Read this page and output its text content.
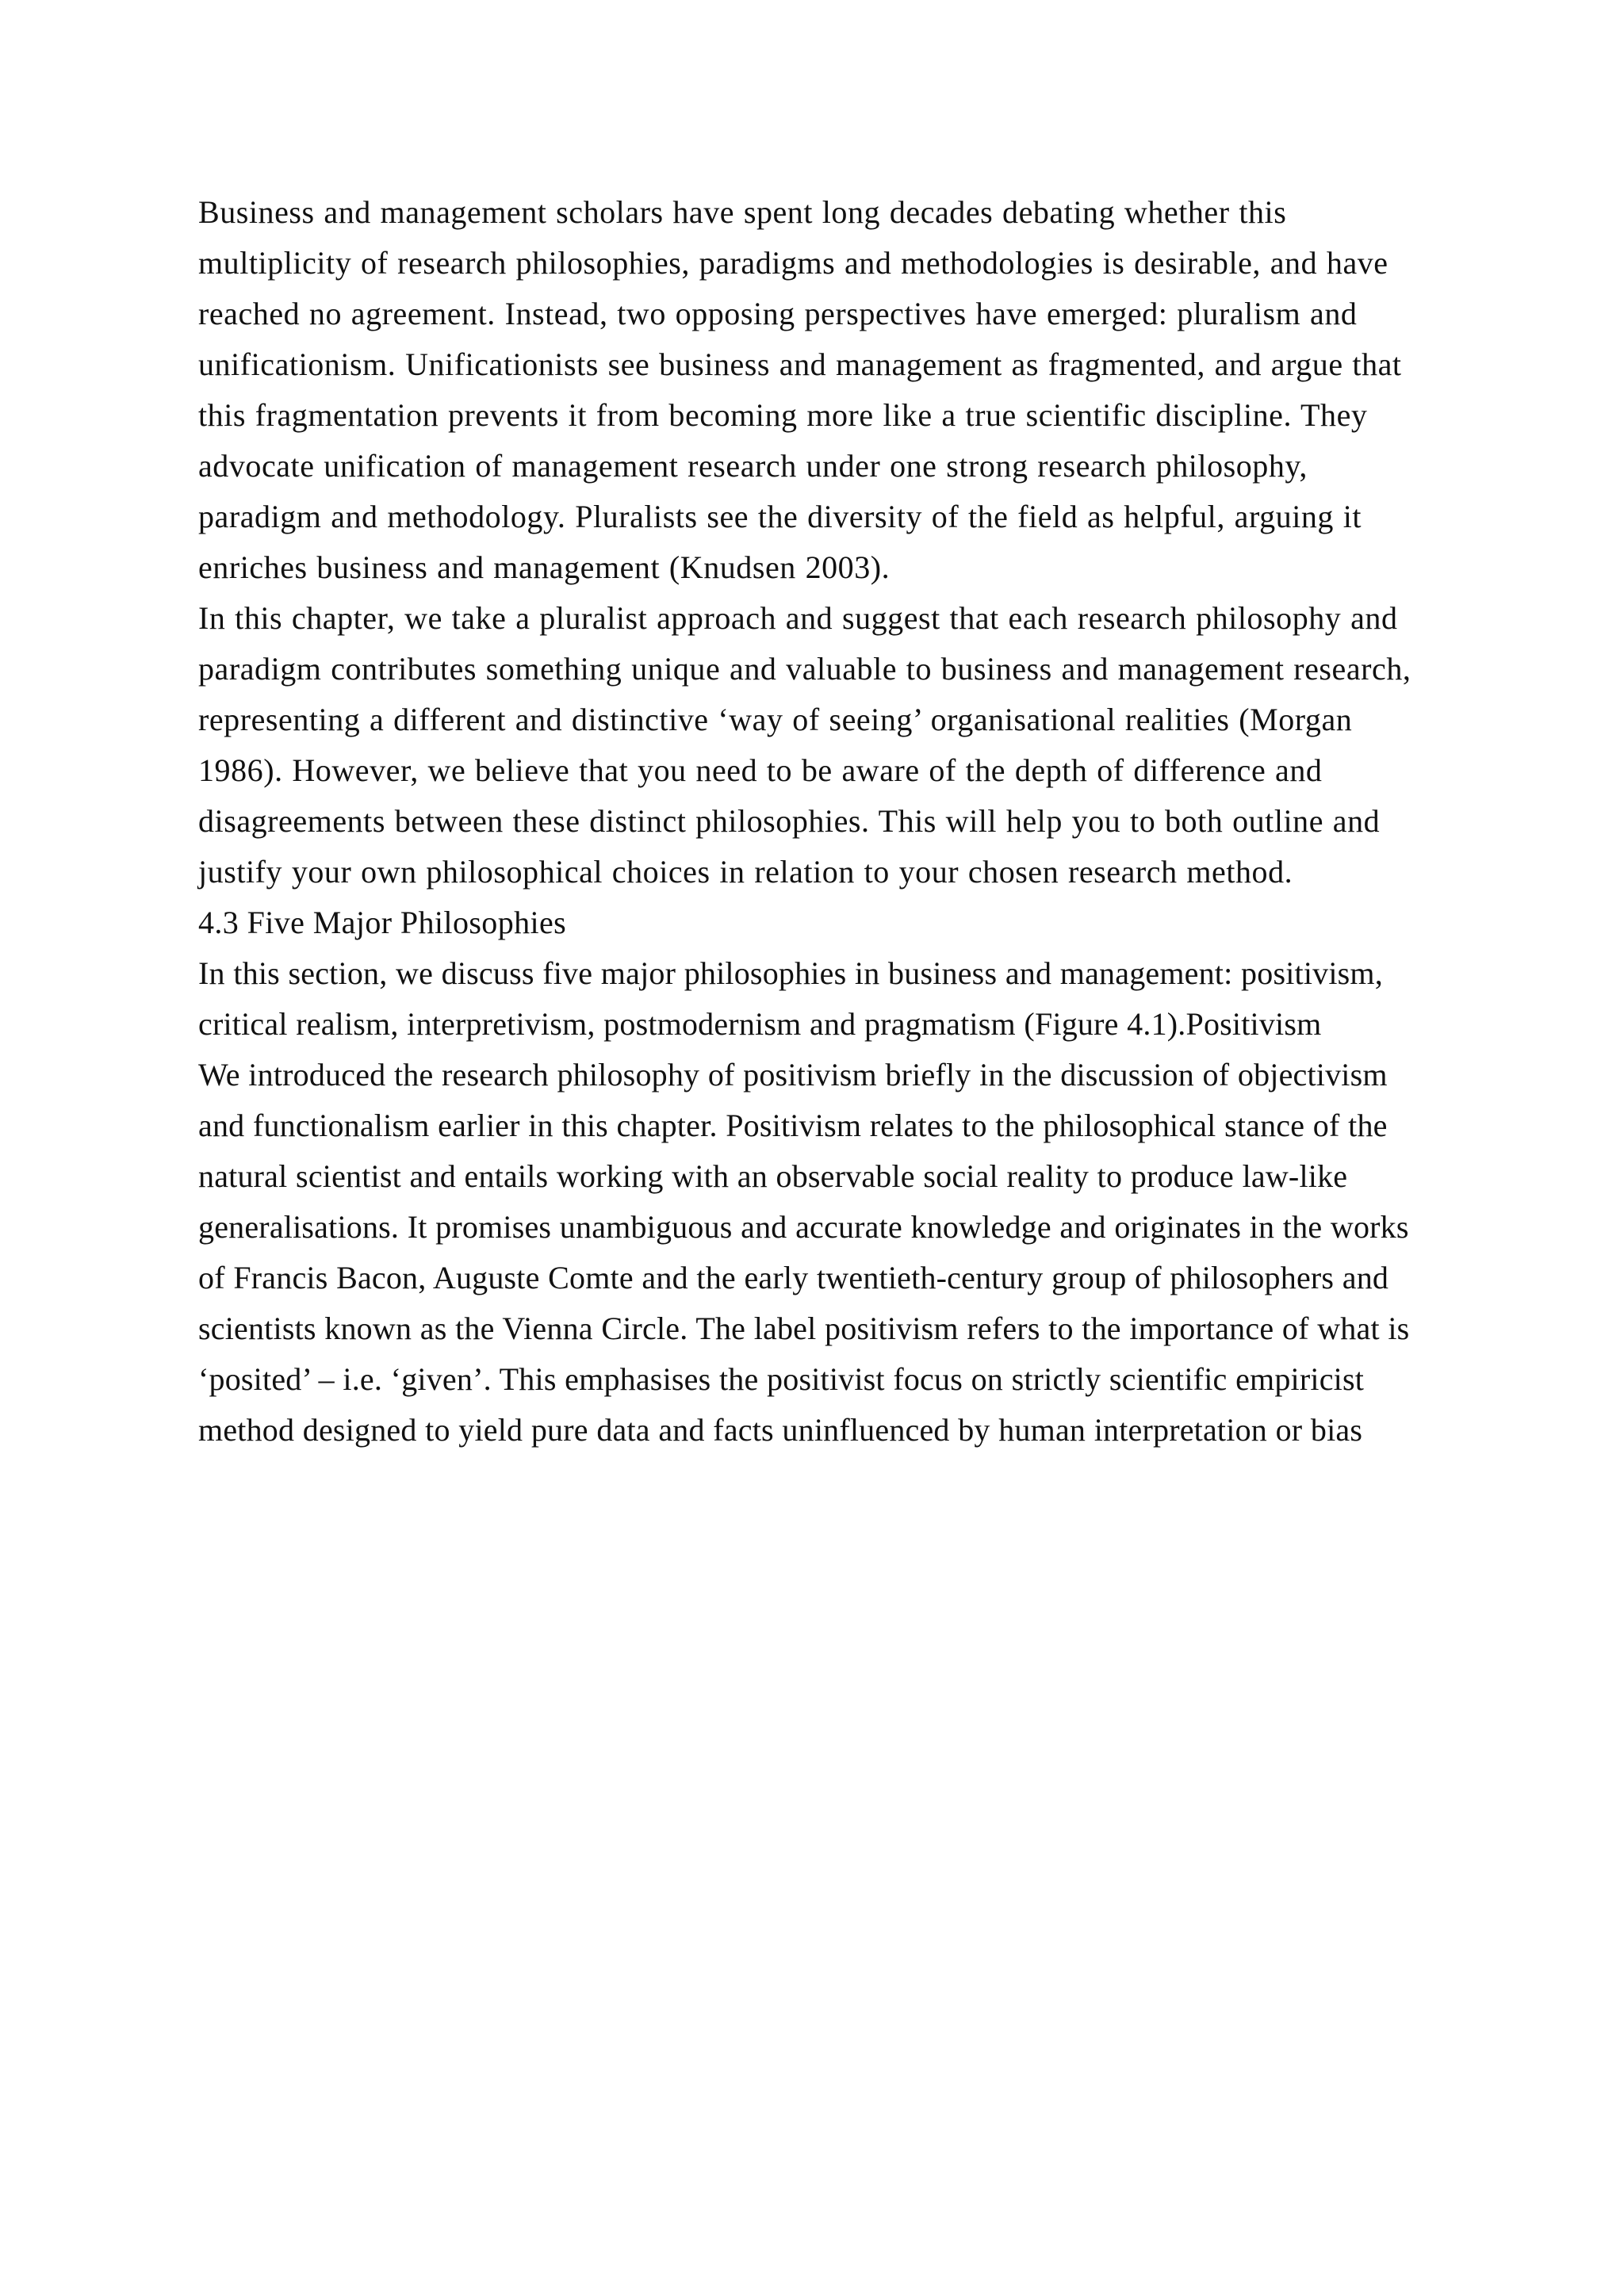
Business and management scholars have spent long decades debating whether this multiplicity of research philosophies, paradigms and methodologies is desirable, and have reached no agreement. Instead, two opposing perspectives have emerged: pluralism and unificationism. Unificationists see business and management as fragmented, and argue that this fragmentation prevents it from becoming more like a true scientific discipline. They advocate unification of management research under one strong research philosophy, paradigm and methodology. Pluralists see the diversity of the field as helpful, arguing it enriches business and management (Knudsen 2003).

In this chapter, we take a pluralist approach and suggest that each research philosophy and paradigm contributes something unique and valuable to business and management research, representing a different and distinctive ‘way of seeing’ organisational realities (Morgan 1986). However, we believe that you need to be aware of the depth of difference and disagreements between these distinct philosophies. This will help you to both outline and justify your own philosophical choices in relation to your chosen research method.

4.3 Five Major Philosophies

In this section, we discuss five major philosophies in business and management: positivism, critical realism, interpretivism, postmodernism and pragmatism (Figure 4.1).Positivism

We introduced the research philosophy of positivism briefly in the discussion of objectivism and functionalism earlier in this chapter. Positivism relates to the philosophical stance of the natural scientist and entails working with an observable social reality to produce law-like generalisations. It promises unambiguous and accurate knowledge and originates in the works of Francis Bacon, Auguste Comte and the early twentieth-century group of philosophers and scientists known as the Vienna Circle. The label positivism refers to the importance of what is ‘posited’ – i.e. ‘given’. This emphasises the positivist focus on strictly scientific empiricist method designed to yield pure data and facts uninfluenced by human interpretation or bias
